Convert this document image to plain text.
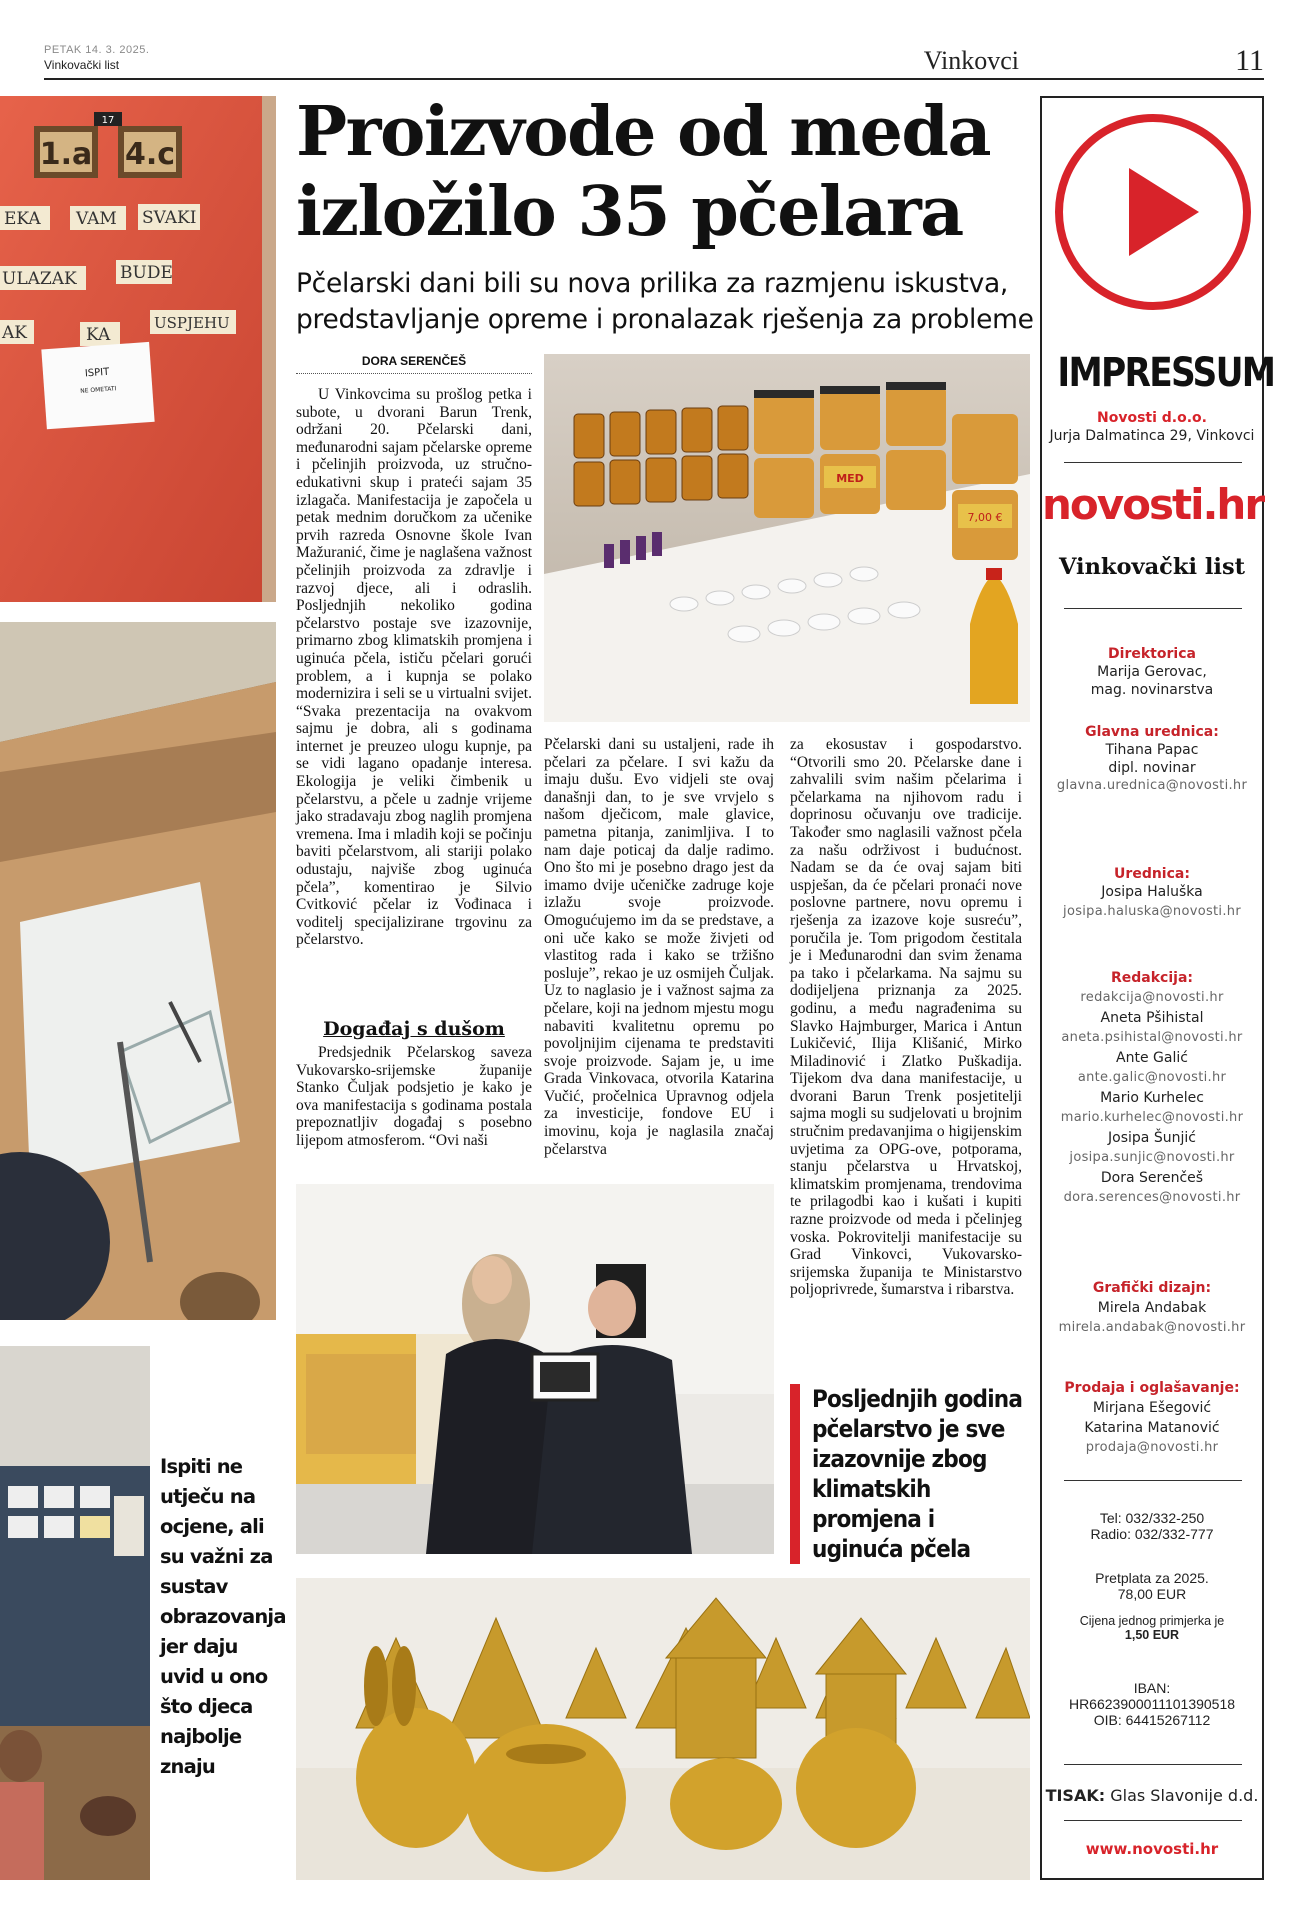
PETAK 14. 3. 2025.
Vinkovački list	Vinkovci	11
17
1.a 4.c
EKA VAM SVAKI
ULAZAK	BUDE
AK	KA
USPJEHU
ISPIT
NE OMETATI
Proizvode od meda
izložilo 35 pčelara
Pčelarski dani bili su nova prilika za razmjenu iskustva, predstavljanje opreme i pronalazak rješenja za probleme
DORA SERENČEŠ

U Vinkovcima su prošlog petka i subote, u dvorani Barun Trenk, održani 20. Pčelarski dani, međunarodni sajam pčelarske opreme i pčelinjih proizvoda, uz stručno-edukativni skup i prateći sajam 35 izlagača. Manifestacija je započela u petak mednim doručkom za učenike prvih razreda Osnovne škole Ivan Mažuranić, čime je naglašena važnost pčelinjih proizvoda za zdravlje i razvoj djece, ali i odraslih. Posljednjih nekoliko godina pčelarstvo postaje sve izazovnije, primarno zbog klimatskih promjena i uginuća pčela, ističu pčelari gorući problem, a i kupnja se polako modernizira i seli se u virtualni svijet. “Svaka prezentacija na ovakvom sajmu je dobra, ali s godinama internet je preuzeo ulogu kupnje, pa se vidi lagano opadanje interesa. Ekologija je veliki čimbenik u pčelarstvu, a pčele u zadnje vrijeme jako stradavaju zbog naglih promjena vremena. Ima i mladih koji se počinju baviti pčelarstvom, ali stariji polako odustaju, najviše zbog uginuća pčela”, komentirao je Silvio Cvitković pčelar iz Vođinaca i voditelj specijalizirane trgovinu za pčelarstvo.

Događaj s dušom

Predsjednik Pčelarskog saveza Vukovarsko-srijemske županije Stanko Čuljak podsjetio je kako je ova manifestacija s godinama postala prepoznatljiv događaj s posebno lijepom atmosferom. “Ovi naši

MED
7,00 €

Pčelarski dani su ustaljeni, rade ih pčelari za pčelare. I svi kažu da imaju dušu. Evo vidjeli ste ovaj današnji dan, to je sve vrvjelo s našom dječicom, male glavice, pametna pitanja, zanimljiva. I to nam daje poticaj da dalje radimo. Ono što mi je posebno drago jest da imamo dvije učeničke zadruge koje izlažu svoje proizvode. Omogućujemo im da se predstave, a oni uče kako se može živjeti od vlastitog rada i kako se tržišno posluje”, rekao je uz osmijeh Čuljak. Uz to naglasio je i važnost sajma za pčelare, koji na jednom mjestu mogu nabaviti kvalitetnu opremu po povoljnijim cijenama te predstaviti svoje proizvode. Sajam je, u ime Grada Vinkovaca, otvorila Katarina Vučić, pročelnica Upravnog odjela za investicije, fondove EU i imovinu, koja je naglasila značaj pčelarstva

za ekosustav i gospodarstvo. “Otvorili smo 20. Pčelarske dane i zahvalili svim našim pčelarima i pčelarkama na njihovom radu i doprinosu očuvanju ove tradicije. Također smo naglasili važnost pčela za našu održivost i budućnost. Nadam se da će ovaj sajam biti uspješan, da će pčelari pronaći nove poslovne partnere, novu opremu i rješenja za izazove koje susreću”, poručila je. Tom prigodom čestitala je i Međunarodni dan svim ženama pa tako i pčelarkama. Na sajmu su dodijeljena priznanja za 2025. godinu, a među nagrađenima su Slavko Hajmburger, Marica i Antun Lukičević, Ilija Klišanić, Mirko Miladinović i Zlatko Puškadija. Tijekom dva dana manifestacije, u dvorani Barun Trenk posjetitelji sajma mogli su sudjelovati u brojnim stručnim predavanjima o higijenskim uvjetima za OPG-ove, potporama, stanju pčelarstva u Hrvatskoj, klimatskim promjenama, trendovima te prilagodbi kao i kušati i kupiti razne proizvode od meda i pčelinjeg voska. Pokrovitelji manifestacije su Grad Vinkovci, Vukovarsko-srijemska županija te Ministarstvo poljoprivrede, šumarstva i ribarstva.

Posljednjih godina pčelarstvo je sve izazovnije zbog klimatskih promjena i uginuća pčela
Ispiti ne utječu na ocjene, ali su važni za sustav obrazovanja jer daju uvid u ono što djeca najbolje znaju
IMPRESSUM
Novosti d.o.o.
Jurja Dalmatinca 29, Vinkovci
novosti.hr
Vinkovački list
Direktorica
Marija Gerovac,
mag. novinarstva
Glavna urednica:
Tihana Papac
dipl. novinar
glavna.urednica@novosti.hr
Urednica:
Josipa Haluška
josipa.haluska@novosti.hr
Redakcija:
redakcija@novosti.hr
Aneta Pšihistal
aneta.psihistal@novosti.hr
Ante Galić
ante.galic@novosti.hr
Mario Kurhelec
mario.kurhelec@novosti.hr
Josipa Šunjić
josipa.sunjic@novosti.hr
Dora Serenčeš
dora.serences@novosti.hr
Grafički dizajn:
Mirela Andabak
mirela.andabak@novosti.hr
Prodaja i oglašavanje:
Mirjana Ešegović
Katarina Matanović
prodaja@novosti.hr
Tel: 032/332-250
Radio: 032/332-777
Pretplata za 2025.
78,00 EUR
Cijena jednog primjerka je
1,50 EUR
IBAN:
HR6623900011101390518
OIB: 64415267112
TISAK: Glas Slavonije d.d.
www.novosti.hr
